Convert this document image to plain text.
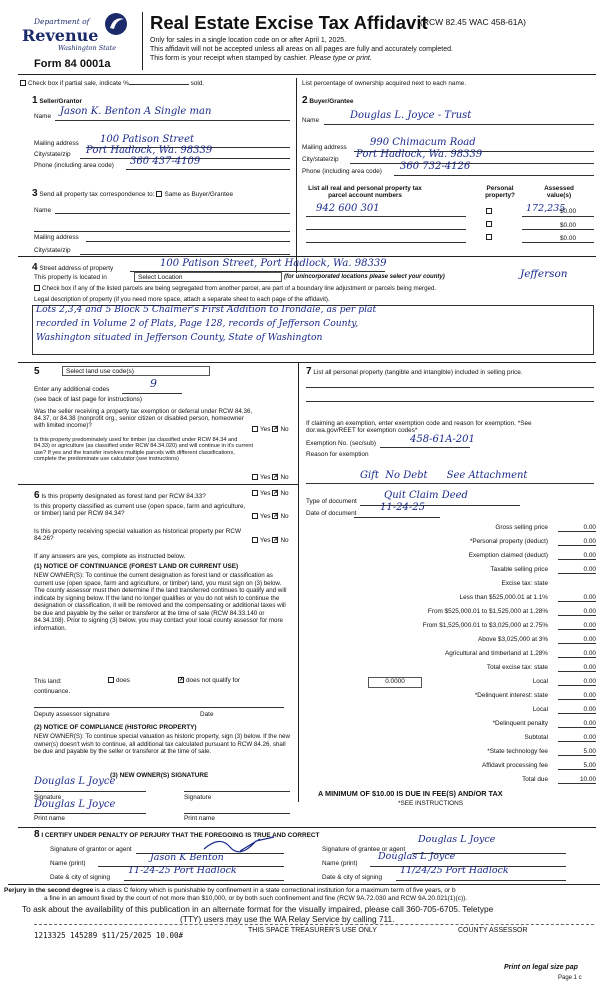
Department of
Revenue
Washington State
Form 84 0001a
Real Estate Excise Tax Affidavit
(RCW 82.45 WAC 458-61A)
Only for sales in a single location code on or after April 1, 2025.
This affidavit will not be accepted unless all areas on all pages are fully and accurately completed.
This form is your receipt when stamped by cashier. Please type or print.
Check box if partial sale, indicate %	sold.	List percentage of ownership acquired next to each name.
1 Seller/Grantor
Name Jason K. Benton A Single man
Mailing address 100 Patison Street
City/state/zip Port Hadlock, Wa. 98339
Phone (including area code) 360 437-4109
2 Buyer/Grantee
Name	Douglas L. Joyce - Trust
Mailing address 990 Chimacum Road
City/state/zip Port Hadlock, Wa. 98339
Phone (including area code) 360 732-4126
3 Send all property tax correspondence to: Same as Buyer/Grantee
Name
Mailing address
City/state/zip
List all real and personal property tax parcel account numbers
Personal property?
Assessed value(s)
942 600 301	172,235
$0.00
$0.00
$0.00
4 Street address of property	100 Patison Street, Port Hadlock, Wa. 98339
This property is located in	Select Location	(for unincorporated locations please select your county)	Jefferson
Check box if any of the listed parcels are being segregated from another parcel, are part of a boundary line adjustment or parcels being merged.
Legal description of property (if you need more space, attach a separate sheet to each page of the affidavit).
Lots 2,3,4 and 5 Block 5 Chalmer's First Addition to Irondale, as per plat
recorded in Volume 2 of Plats, Page 128, records of Jefferson County,
Washington situated in Jefferson County, State of Washington
5	Select land use code(s)
Enter any additional codes	9
(see back of last page for instructions)
Was the seller receiving a property tax exemption or deferral under RCW 84.36, 84.37, or 84.38 (nonprofit org., senior citizen or disabled person, homeowner with limited income)?
Yes ✗ No
Is this property predominately used for timber (as classified under RCW 84.34 and 84.33) or agriculture (as classified under RCW 84.34.020) and will continue in it's current use? If yes and the transfer involves multiple parcels with different classifications, complete the predominate use calculator (see instructions)
Yes ✗ No
6 Is this property designated as forest land per RCW 84.33?	Yes ✗ No
Is this property classified as current use (open space, farm and agriculture, or timber) land per RCW 84.34?	Yes ✗ No
Is this property receiving special valuation as historical property per RCW 84.26?	Yes ✗ No
If any answers are yes, complete as instructed below.
(1) NOTICE OF CONTINUANCE (FOREST LAND OR CURRENT USE)
NEW OWNER(S): To continue the current designation as forest land or classification as current use (open space, farm and agriculture, or timber) land, you must sign on (3) below. The county assessor must then determine if the land transferred continues to qualify and will indicate by signing below. If the land no longer qualifies or you do not wish to continue the designation or classification, it will be removed and the compensating or additional taxes will be due and payable by the seller or transferor at the time of sale (RCW 84.33.140 or 84.34.108). Prior to signing (3) below, you may contact your local county assessor for more information.
This land:	does	✗ does not qualify for
continuance.
Deputy assessor signature	Date
(2) NOTICE OF COMPLIANCE (HISTORIC PROPERTY)
NEW OWNER(S): To continue special valuation as historic property, sign (3) below. If the new owner(s) doesn't wish to continue, all additional tax calculated pursuant to RCW 84.26, shall be due and payable by the seller or transferor at the time of sale.
(3) NEW OWNER(S) SIGNATURE
Douglas L Joyce
Signature	Signature
Douglas L Joyce
Print name	Print name
7 List all personal property (tangible and intangible) included in selling price.
If claiming an exemption, enter exemption code and reason for exemption. *See dor.wa.gov/REET for exemption codes*
Exemption No. (sec/sub)	458-61A-201
Reason for exemption
Gift  No Debt      See Attachment
Type of document
Quit Claim Deed
Date of document
11-24-25
Gross selling price	0.00
*Personal property (deduct)	0.00
Exemption claimed (deduct)	0.00
Taxable selling price	0.00
Excise tax: state
Less than $525,000.01 at 1.1%	0.00
From $525,000.01 to $1,525,000 at 1.28%	0.00
From $1,525,000.01 to $3,025,000 at 2.75%	0.00
Above $3,025,000 at 3%	0.00
Agricultural and timberland at 1.28%	0.00
Total excise tax: state	0.00
0.0000	Local	0.00
*Delinquent interest: state	0.00
Local	0.00
*Delinquent penalty	0.00
Subtotal	0.00
*State technology fee	5.00
Affidavit processing fee	5.00
Total due	10.00
A MINIMUM OF $10.00 IS DUE IN FEE(S) AND/OR TAX
*SEE INSTRUCTIONS
8 I CERTIFY UNDER PENALTY OF PERJURY THAT THE FOREGOING IS TRUE AND CORRECT
Signature of grantor or agent
Name (print)
Jason K Benton
Date & city of signing
11-24-25 Port Hadlock
Signature of grantee or agent
Douglas L Joyce
Name (print)
Douglas L Joyce
Date & city of signing
11/24/25 Port Hadlock
Perjury in the second degree is a class C felony which is punishable by confinement in a state correctional institution for a maximum term of five years, or b
a fine in an amount fixed by the court of not more than $10,000, or by both such confinement and fine (RCW 9A.72.030 and RCW 9A.20.021(1)(c)).
To ask about the availability of this publication in an alternate format for the visually impaired, please call 360-705-6705. Teletype
(TTY) users may use the WA Relay Service by calling 711.
1213325 145289 $11/25/2025 10.00#
THIS SPACE TREASURER'S USE ONLY	COUNTY ASSESSOR
Print on legal size pap
Page 1 c
